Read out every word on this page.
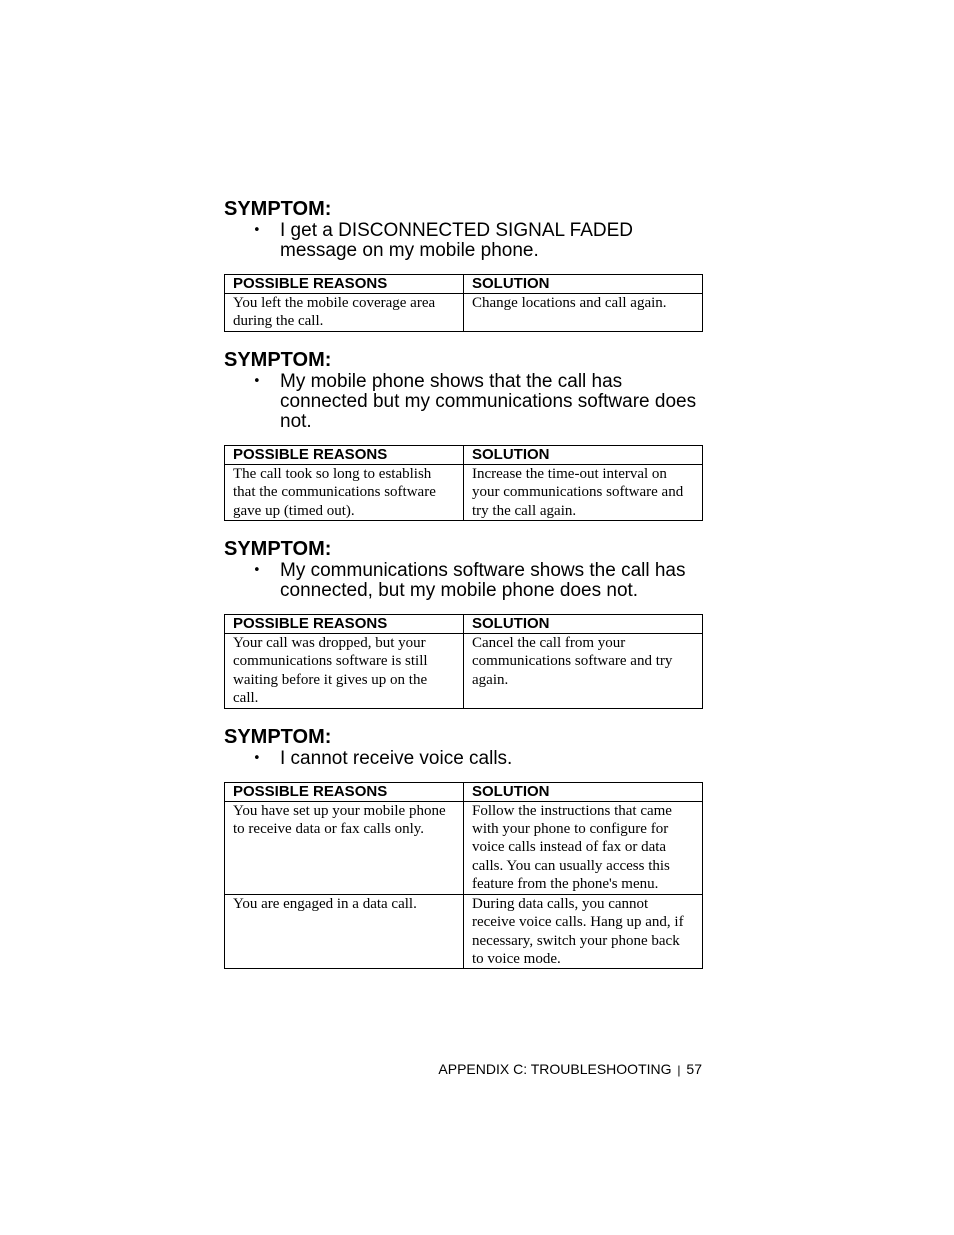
SYMPTOM:
• I get a DISCONNECTED SIGNAL FADED message on my mobile phone.
POSSIBLE REASONS	SOLUTION
You left the mobile coverage area during the call.	Change locations and call again.
SYMPTOM:
• My mobile phone shows that the call has connected but my communications software does not.
POSSIBLE REASONS	SOLUTION
The call took so long to establish that the communications software gave up (timed out).	Increase the time-out interval on your communications software and try the call again.
SYMPTOM:
• My communications software shows the call has connected, but my mobile phone does not.
POSSIBLE REASONS	SOLUTION
Your call was dropped, but your communications software is still waiting before it gives up on the call.	Cancel the call from your communications software and try again.
SYMPTOM:
• I cannot receive voice calls.
POSSIBLE REASONS	SOLUTION
You have set up your mobile phone to receive data or fax calls only.	Follow the instructions that came with your phone to configure for voice calls instead of fax or data calls. You can usually access this feature from the phone's menu.
You are engaged in a data call.	During data calls, you cannot receive voice calls. Hang up and, if necessary, switch your phone back to voice mode.
APPENDIX C: TROUBLESHOOTING | 57
